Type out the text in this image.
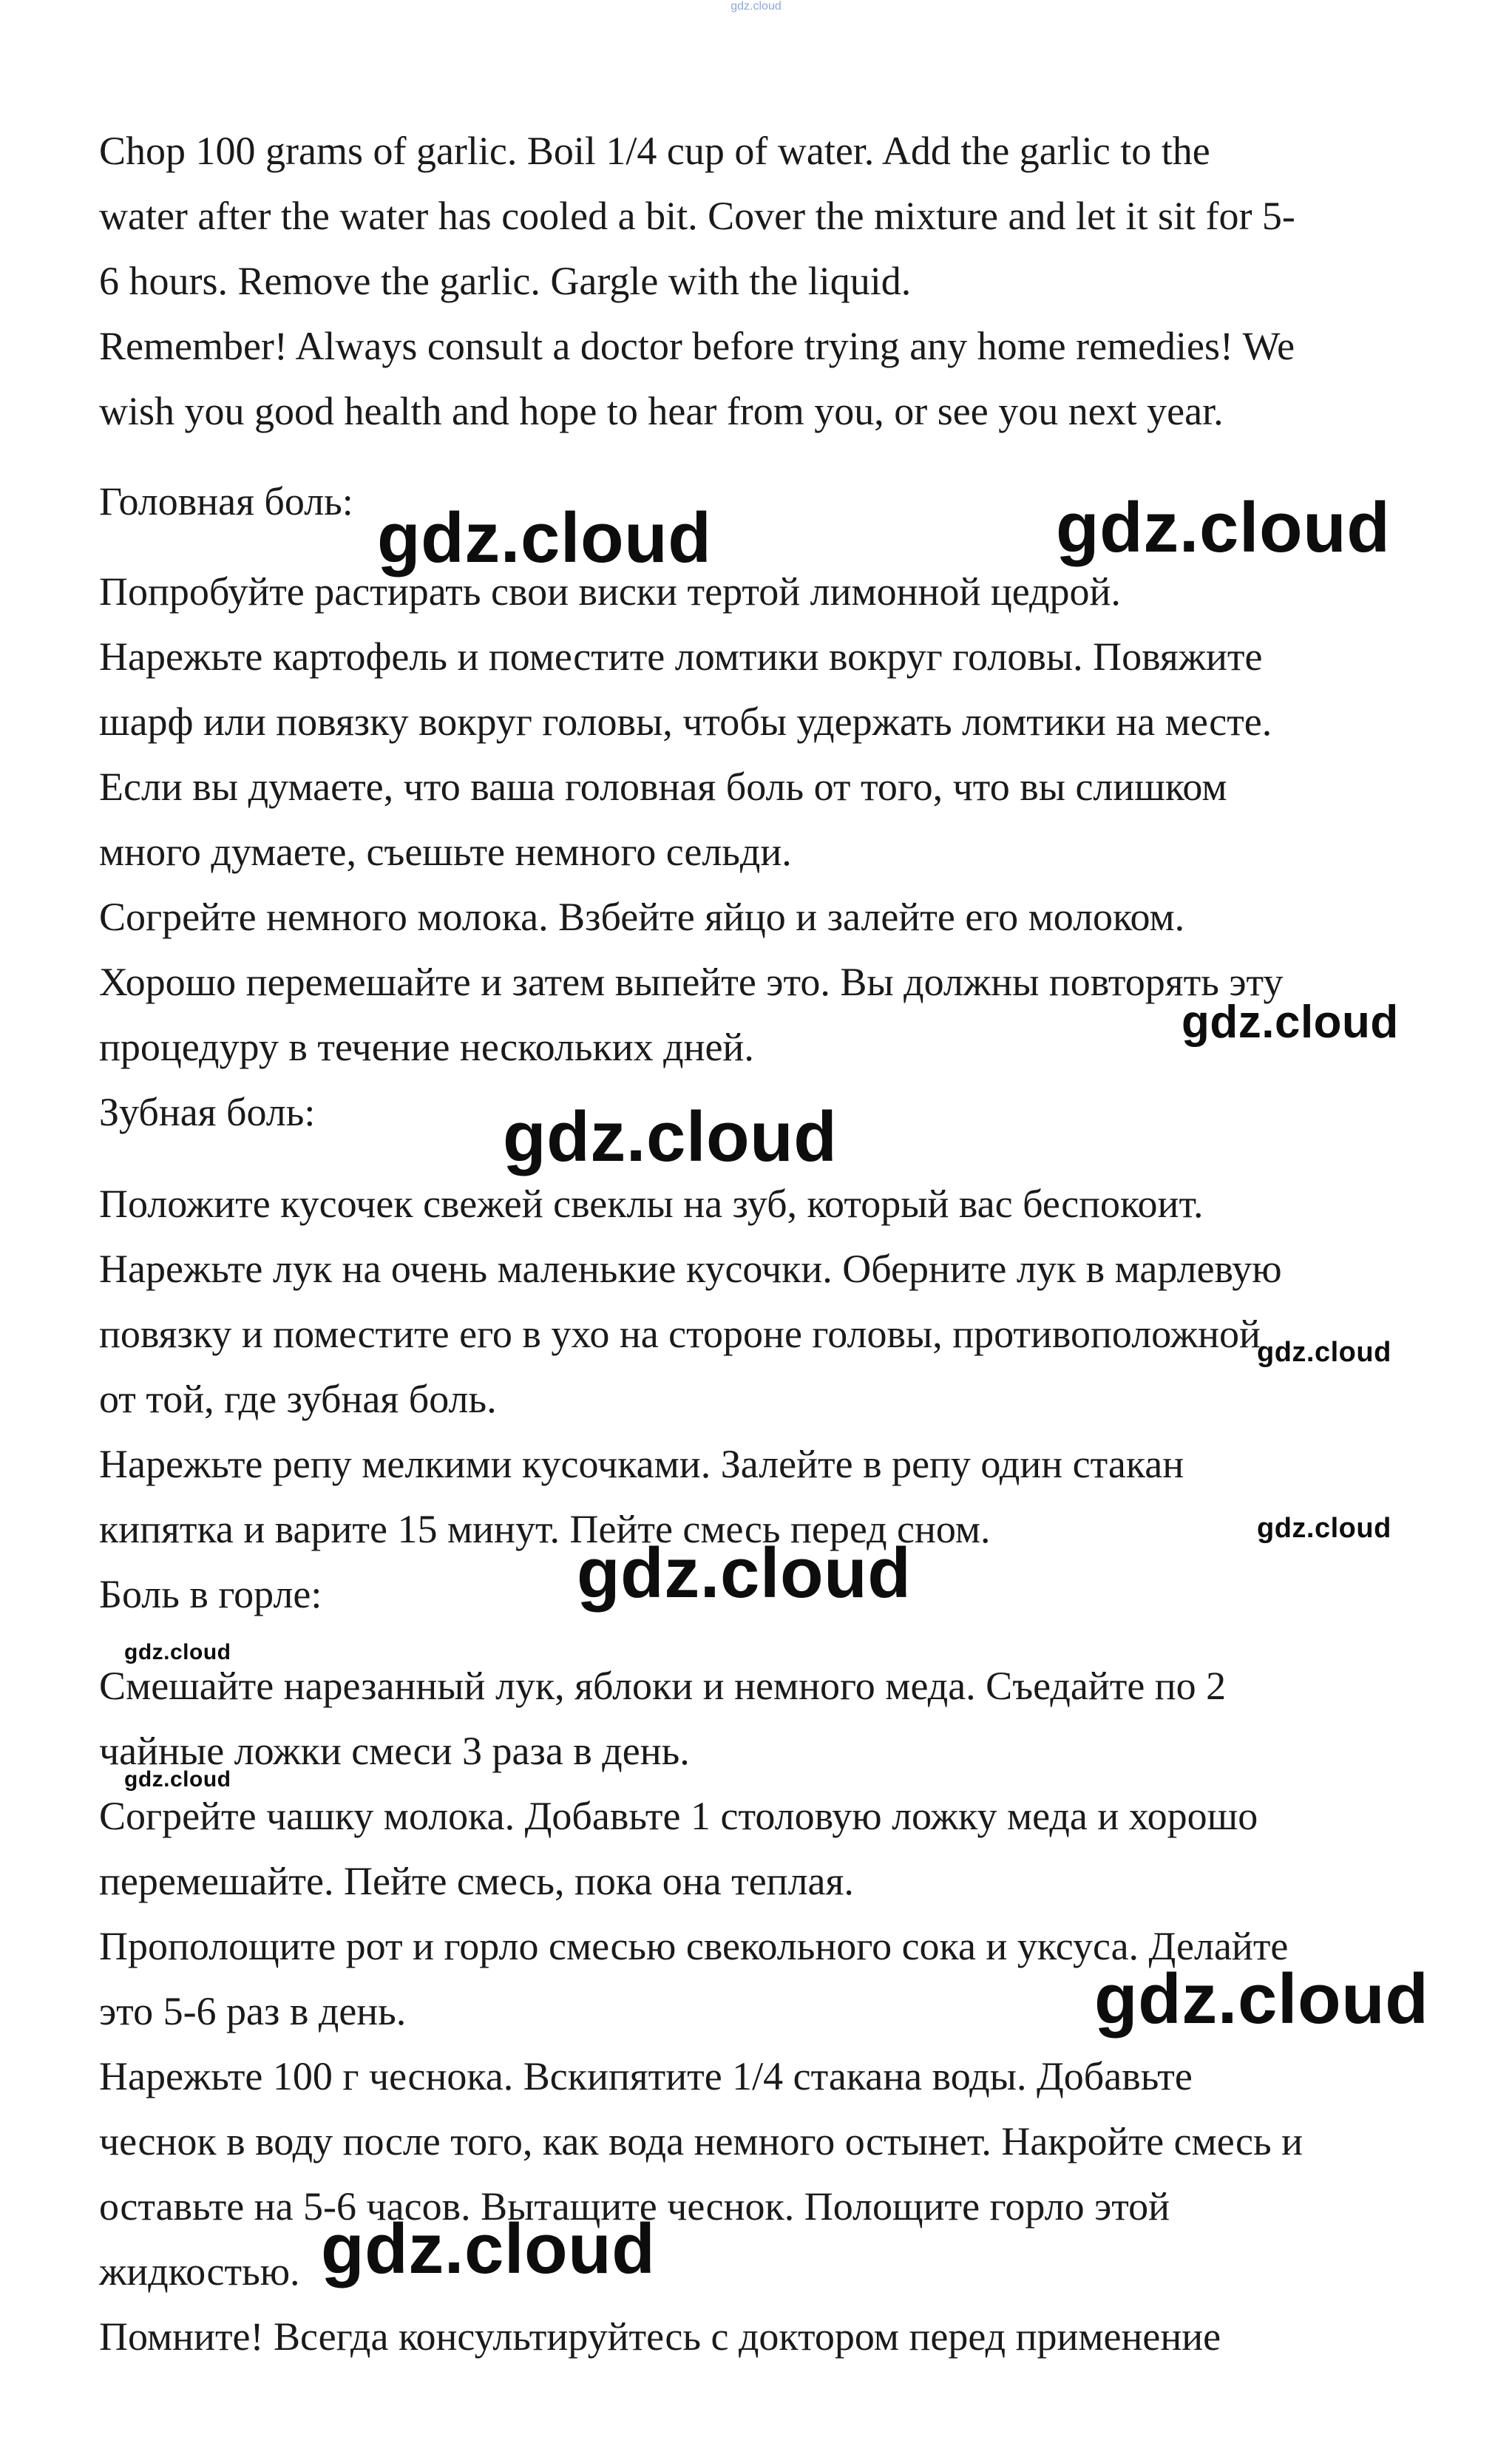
gdz.cloud
Chop 100 grams of garlic. Boil 1/4 cup of water. Add the garlic to the
water after the water has cooled a bit. Cover the mixture and let it sit for 5-
6 hours. Remove the garlic. Gargle with the liquid.
Remember! Always consult a doctor before trying any home remedies! We
wish you good health and hope to hear from you, or see you next year.
Головная боль:
Попробуйте растирать свои виски тертой лимонной цедрой.
Нарежьте картофель и поместите ломтики вокруг головы. Повяжите
шарф или повязку вокруг головы, чтобы удержать ломтики на месте.
Если вы думаете, что ваша головная боль от того, что вы слишком
много думаете, съешьте немного сельди.
Согрейте немного молока. Взбейте яйцо и залейте его молоком.
Хорошо перемешайте и затем выпейте это. Вы должны повторять эту
процедуру в течение нескольких дней.
Зубная боль:
Положите кусочек свежей свеклы на зуб, который вас беспокоит.
Нарежьте лук на очень маленькие кусочки. Оберните лук в марлевую
повязку и поместите его в ухо на стороне головы, противоположной
от той, где зубная боль.
Нарежьте репу мелкими кусочками. Залейте в репу один стакан
кипятка и варите 15 минут. Пейте смесь перед сном.
Боль в горле:
Смешайте нарезанный лук, яблоки и немного меда. Съедайте по 2
чайные ложки смеси 3 раза в день.
Согрейте чашку молока. Добавьте 1 столовую ложку меда и хорошо
перемешайте. Пейте смесь, пока она теплая.
Прополощите рот и горло смесью свекольного сока и уксуса. Делайте
это 5-6 раз в день.
Нарежьте 100 г чеснока. Вскипятите 1/4 стакана воды. Добавьте
чеснок в воду после того, как вода немного остынет. Накройте смесь и
оставьте на 5-6 часов. Вытащите чеснок. Полощите горло этой
жидкостью.
Помните! Всегда консультируйтесь с доктором перед применение
gdz.cloud	gdz.cloud
gdz.cloud
gdz.cloud
gdz.cloud
gdz.cloud
gdz.cloud
gdz.cloud
gdz.cloud
gdz.cloud
gdz.cloud
